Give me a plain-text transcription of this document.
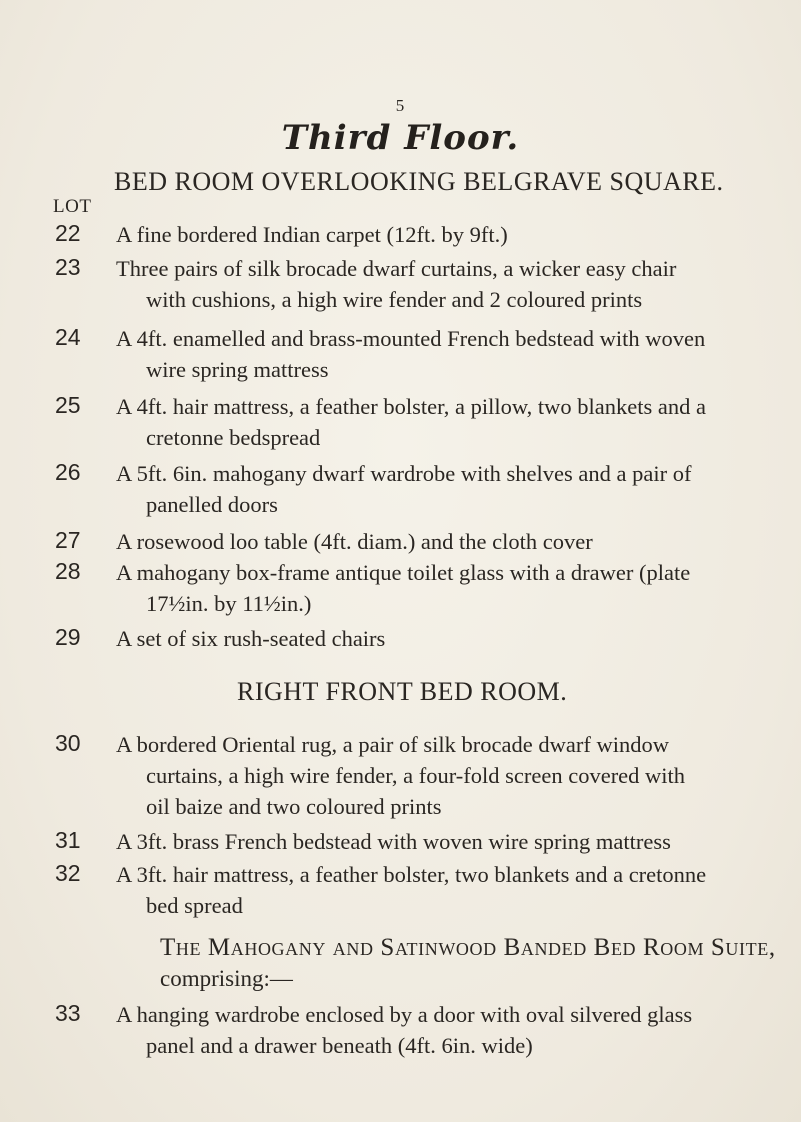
5
Third Floor.
BED ROOM OVERLOOKING BELGRAVE SQUARE.
LOT
22 A fine bordered Indian carpet (12ft. by 9ft.)
23 Three pairs of silk brocade dwarf curtains, a wicker easy chair
with cushions, a high wire fender and 2 coloured prints
24 A 4ft. enamelled and brass-mounted French bedstead with woven
wire spring mattress
25 A 4ft. hair mattress, a feather bolster, a pillow, two blankets and a
cretonne bedspread
26 A 5ft. 6in. mahogany dwarf wardrobe with shelves and a pair of
panelled doors
27 A rosewood loo table (4ft. diam.) and the cloth cover
28 A mahogany box-frame antique toilet glass with a drawer (plate
17½in. by 11½in.)
29 A set of six rush-seated chairs
RIGHT FRONT BED ROOM.
30 A bordered Oriental rug, a pair of silk brocade dwarf window
curtains, a high wire fender, a four-fold screen covered with
oil baize and two coloured prints
31 A 3ft. brass French bedstead with woven wire spring mattress
32 A 3ft. hair mattress, a feather bolster, two blankets and a cretonne
bed spread
The Mahogany and Satinwood Banded Bed Room Suite,
comprising:—
33 A hanging wardrobe enclosed by a door with oval silvered glass
panel and a drawer beneath (4ft. 6in. wide)
